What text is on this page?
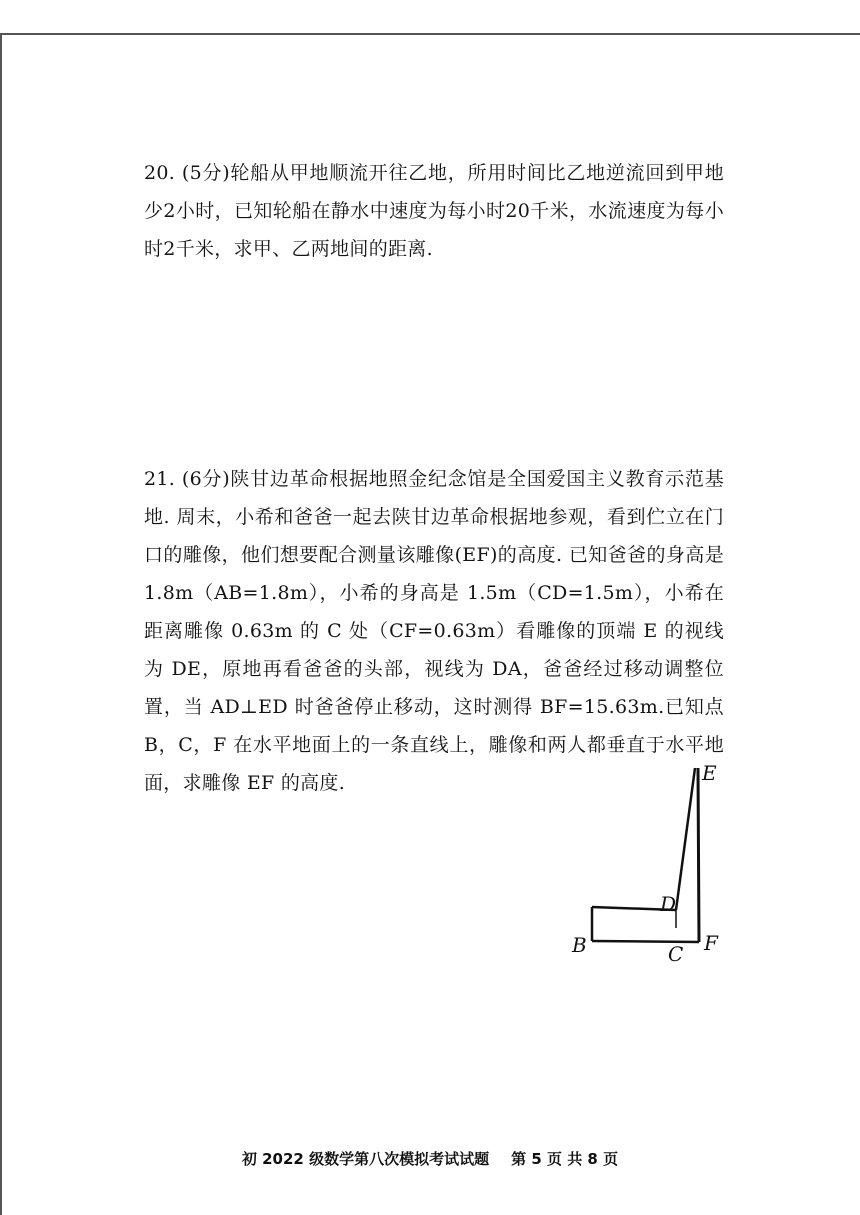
20. (5分)轮船从甲地顺流开往乙地，所用时间比乙地逆流回到甲地少2小时，已知轮船在静水中速度为每小时20千米，水流速度为每小时2千米，求甲、乙两地间的距离.

21. (6分)陕甘边革命根据地照金纪念馆是全国爱国主义教育示范基地. 周末，小希和爸爸一起去陕甘边革命根据地参观，看到伫立在门口的雕像，他们想要配合测量该雕像(EF)的高度. 已知爸爸的身高是 1.8m（AB=1.8m），小希的身高是 1.5m（CD=1.5m），小希在距离雕像 0.63m 的 C 处（CF=0.63m）看雕像的顶端 E 的视线为 DE，原地再看爸爸的头部，视线为 DA，爸爸经过移动调整位置，当 AD⊥ED 时爸爸停止移动，这时测得 BF=15.63m.已知点 B，C，F 在水平地面上的一条直线上，雕像和两人都垂直于水平地面，求雕像 EF 的高度.	E
D
B	C F
初 2022 级数学第八次模拟考试试题 第 5 页 共 8 页
